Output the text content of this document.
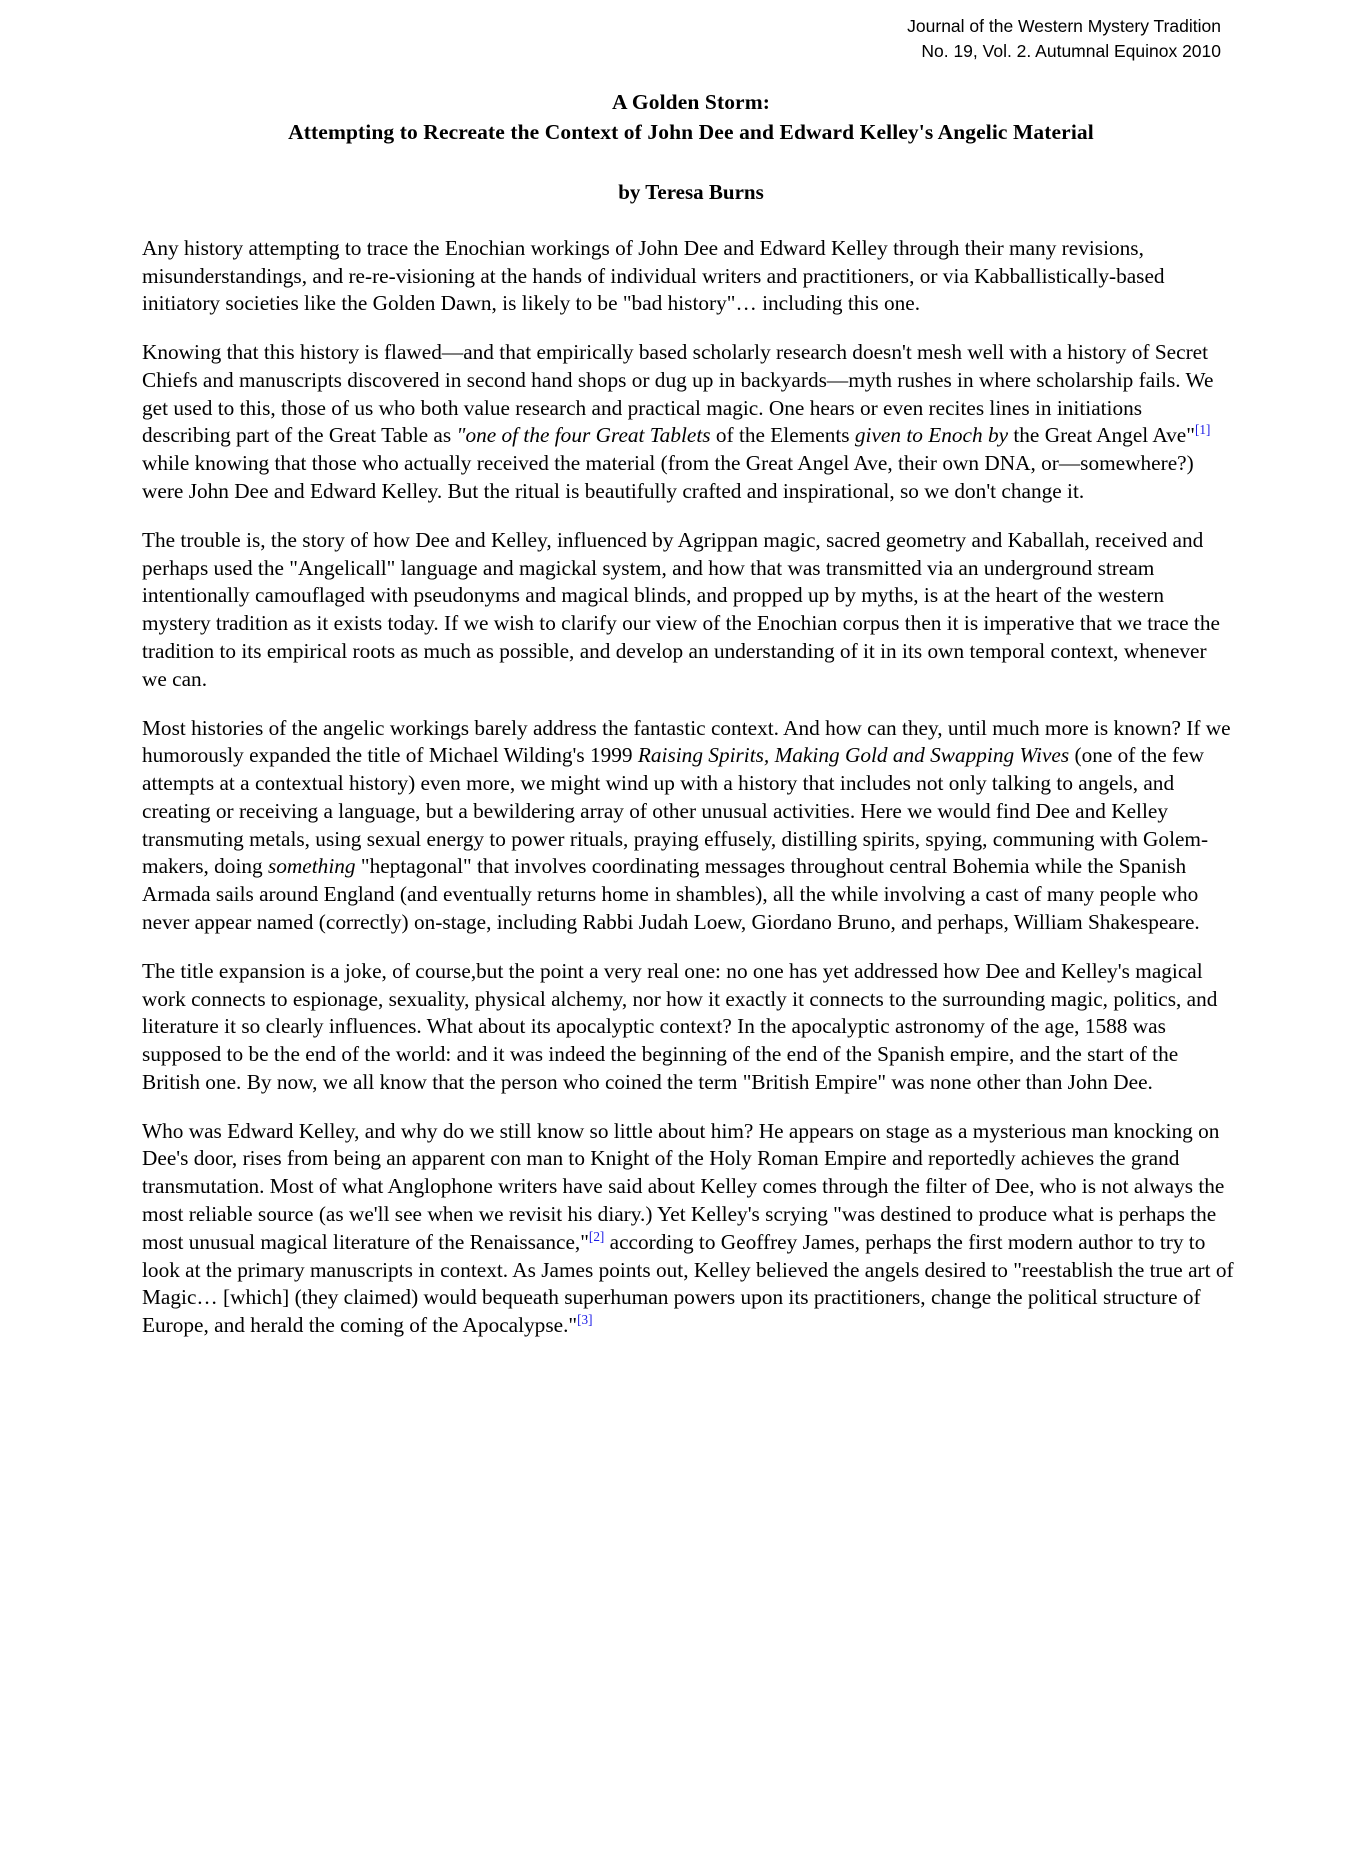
Journal of the Western Mystery Tradition
No. 19, Vol. 2. Autumnal Equinox 2010
A Golden Storm:
Attempting to Recreate the Context of John Dee and Edward Kelley's Angelic Material
by Teresa Burns

Any history attempting to trace the Enochian workings of John Dee and Edward Kelley through their many revisions, misunderstandings, and re-re-visioning at the hands of individual writers and practitioners, or via Kabballistically-based initiatory societies like the Golden Dawn, is likely to be "bad history"… including this one.

Knowing that this history is flawed—and that empirically based scholarly research doesn't mesh well with a history of Secret Chiefs and manuscripts discovered in second hand shops or dug up in backyards—myth rushes in where scholarship fails. We get used to this, those of us who both value research and practical magic. One hears or even recites lines in initiations describing part of the Great Table as "one of the four Great Tablets of the Elements given to Enoch by the Great Angel Ave"[1] while knowing that those who actually received the material (from the Great Angel Ave, their own DNA, or—somewhere?) were John Dee and Edward Kelley. But the ritual is beautifully crafted and inspirational, so we don't change it.

The trouble is, the story of how Dee and Kelley, influenced by Agrippan magic, sacred geometry and Kaballah, received and perhaps used the "Angelicall" language and magickal system, and how that was transmitted via an underground stream intentionally camouflaged with pseudonyms and magical blinds, and propped up by myths, is at the heart of the western mystery tradition as it exists today. If we wish to clarify our view of the Enochian corpus then it is imperative that we trace the tradition to its empirical roots as much as possible, and develop an understanding of it in its own temporal context, whenever we can.

Most histories of the angelic workings barely address the fantastic context. And how can they, until much more is known? If we humorously expanded the title of Michael Wilding's 1999 Raising Spirits, Making Gold and Swapping Wives (one of the few attempts at a contextual history) even more, we might wind up with a history that includes not only talking to angels, and creating or receiving a language, but a bewildering array of other unusual activities. Here we would find Dee and Kelley transmuting metals, using sexual energy to power rituals, praying effusely, distilling spirits, spying, communing with Golem-makers, doing something "heptagonal" that involves coordinating messages throughout central Bohemia while the Spanish Armada sails around England (and eventually returns home in shambles), all the while involving a cast of many people who never appear named (correctly) on-stage, including Rabbi Judah Loew, Giordano Bruno, and perhaps, William Shakespeare.

The title expansion is a joke, of course,but the point a very real one: no one has yet addressed how Dee and Kelley's magical work connects to espionage, sexuality, physical alchemy, nor how it exactly it connects to the surrounding magic, politics, and literature it so clearly influences. What about its apocalyptic context? In the apocalyptic astronomy of the age, 1588 was supposed to be the end of the world: and it was indeed the beginning of the end of the Spanish empire, and the start of the British one. By now, we all know that the person who coined the term "British Empire" was none other than John Dee.

Who was Edward Kelley, and why do we still know so little about him? He appears on stage as a mysterious man knocking on Dee's door, rises from being an apparent con man to Knight of the Holy Roman Empire and reportedly achieves the grand transmutation. Most of what Anglophone writers have said about Kelley comes through the filter of Dee, who is not always the most reliable source (as we'll see when we revisit his diary.) Yet Kelley's scrying "was destined to produce what is perhaps the most unusual magical literature of the Renaissance,"[2] according to Geoffrey James, perhaps the first modern author to try to look at the primary manuscripts in context. As James points out, Kelley believed the angels desired to "reestablish the true art of Magic… [which] (they claimed) would bequeath superhuman powers upon its practitioners, change the political structure of Europe, and herald the coming of the Apocalypse."[3]
